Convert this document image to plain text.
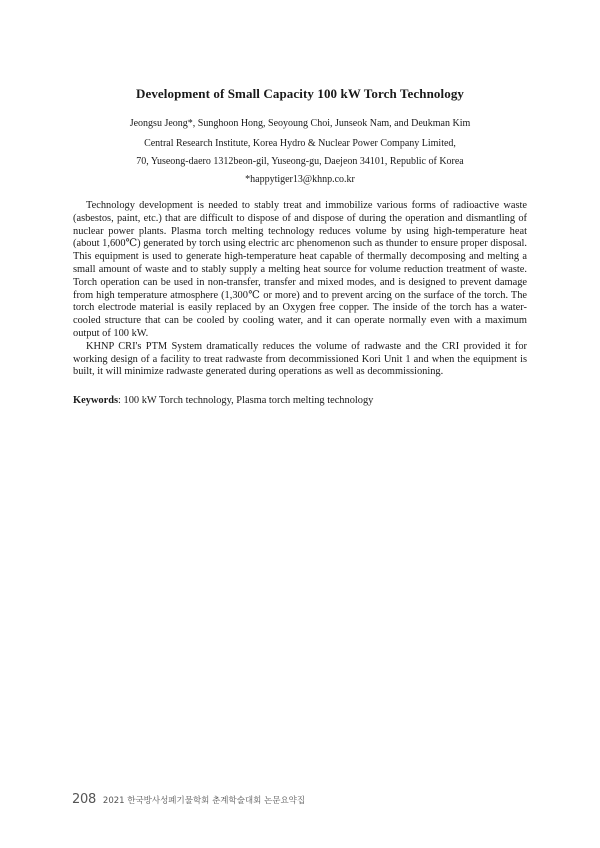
Development of Small Capacity 100 kW Torch Technology
Jeongsu Jeong*, Sunghoon Hong, Seoyoung Choi, Junseok Nam, and Deukman Kim
Central Research Institute, Korea Hydro & Nuclear Power Company Limited,
70, Yuseong-daero 1312beon-gil, Yuseong-gu, Daejeon 34101, Republic of Korea
*happytiger13@khnp.co.kr

Technology development is needed to stably treat and immobilize various forms of radioactive waste (asbestos, paint, etc.) that are difficult to dispose of and dispose of during the operation and dismantling of nuclear power plants. Plasma torch melting technology reduces volume by using high-temperature heat (about 1,600℃) generated by torch using electric arc phenomenon such as thunder to ensure proper disposal. This equipment is used to generate high-temperature heat capable of thermally decomposing and melting a small amount of waste and to stably supply a melting heat source for volume reduction treatment of waste. Torch operation can be used in non-transfer, transfer and mixed modes, and is designed to prevent damage from high temperature atmosphere (1,300℃ or more) and to prevent arcing on the surface of the torch. The torch electrode material is easily replaced by an Oxygen free copper. The inside of the torch has a water-cooled structure that can be cooled by cooling water, and it can operate normally even with a maximum output of 100 kW.

KHNP CRI's PTM System dramatically reduces the volume of radwaste and the CRI provided it for working design of a facility to treat radwaste from decommissioned Kori Unit 1 and when the equipment is built, it will minimize radwaste generated during operations as well as decommissioning.

Keywords: 100 kW Torch technology, Plasma torch melting technology
208 2021 한국방사성폐기물학회 춘계학술대회 논문요약집
